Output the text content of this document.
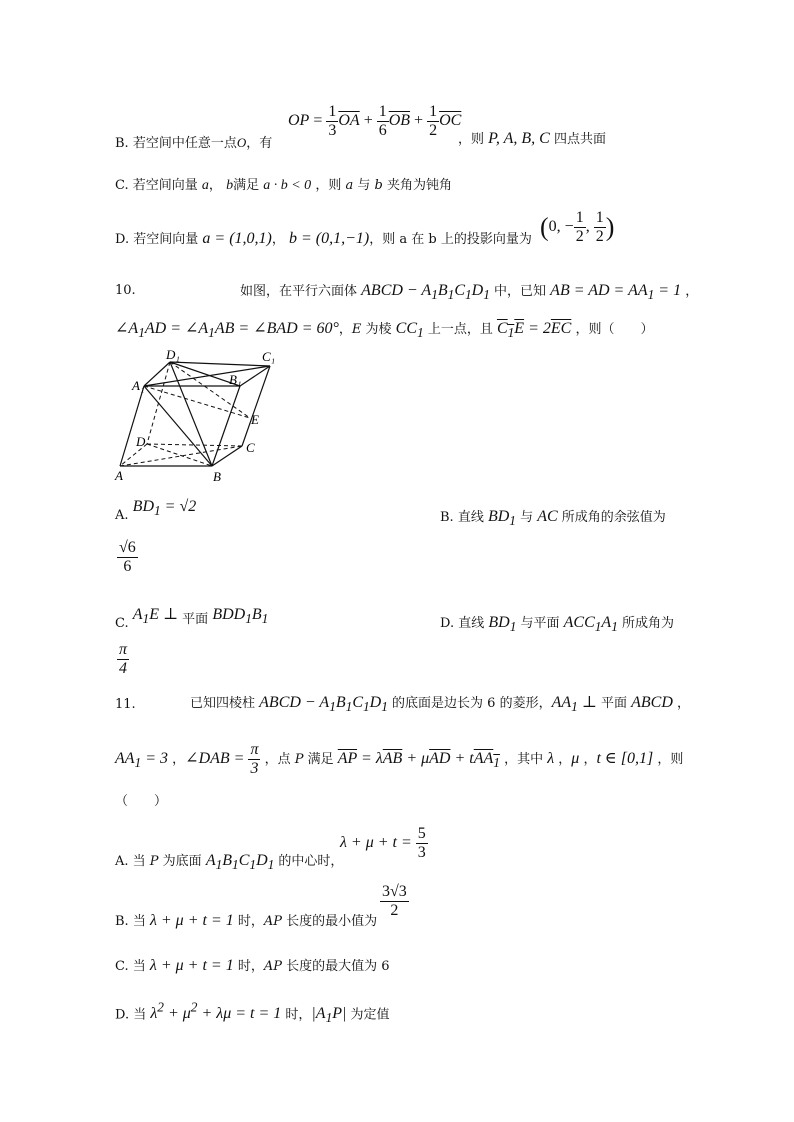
OP = $\frac{1}{3} \overline{OA} + \frac{1}{6} \overline{OB} + \frac{1}{2} \overline{OC}$
B. 若空间中任意一点O，有	，则 P, A, B, C 四点共面
C. 若空间向量 a， b满足 a · b < 0 ，则 a 与 b 夹角为钝角
D. 若空间向量 a = (1,0,1)， b = (0,1,−1)，则 a 在 b 上的投影向量为 (0, − $\frac{1}{2}$ , $\frac{1}{2}$ )
10.	如图，在平行六面体 ABCD − $A_1B_1C_1D_1$ 中，已知 AB = AD = $AA_1 = 1$ ，
$\angle A_1AD$ = $\angle A_1AB$ = ∠BAD = 60°，E 为棱 $CC_1$ 上一点，且 $C_1E = 2\overline{EC}$ ，则（　　）
D₁	C₁
A₁	B₁
E
D	C
A	B
A. $BD_1 = √2$
B. 直线 $BD_1$ 与 AC 所成角的余弦值为
$\frac{√6}{6}$
C. $A_1E$ ⊥ 平面 $BDD_1B_1$	D. 直线 $BD_1$ 与平面 $ACC_1A_1$ 所成角为
$\frac{\pi}{4}$
11.	已知四棱柱 ABCD − $A_1B_1C_1D_1$ 的底面是边长为 6 的菱形，$AA_1$ ⊥ 平面 ABCD ，
$AA_1 = 3$ ，∠DAB = $\frac{\pi}{3}$ ，点 P 满足 $\overline{AP} = \lambda\overline{AB} + \mu\overline{AD} + tAA_1$ ，其中 λ ，μ ，t ∈ [0,1] ，则
（　　）
A. 当 P 为底面 $A_1B_1C_1D_1$ 的中心时，
$\lambda + \mu + t = \frac{5}{3}$
B. 当 λ + μ + t = 1 时，AP 长度的最小值为
$\frac{3√3}{2}$
C. 当 λ + μ + t = 1 时，AP 长度的最大值为 6
D. 当 $\lambda^2 + \mu^2 + \lambda\mu = t = 1$ 时，$|A_1P|$ 为定值
